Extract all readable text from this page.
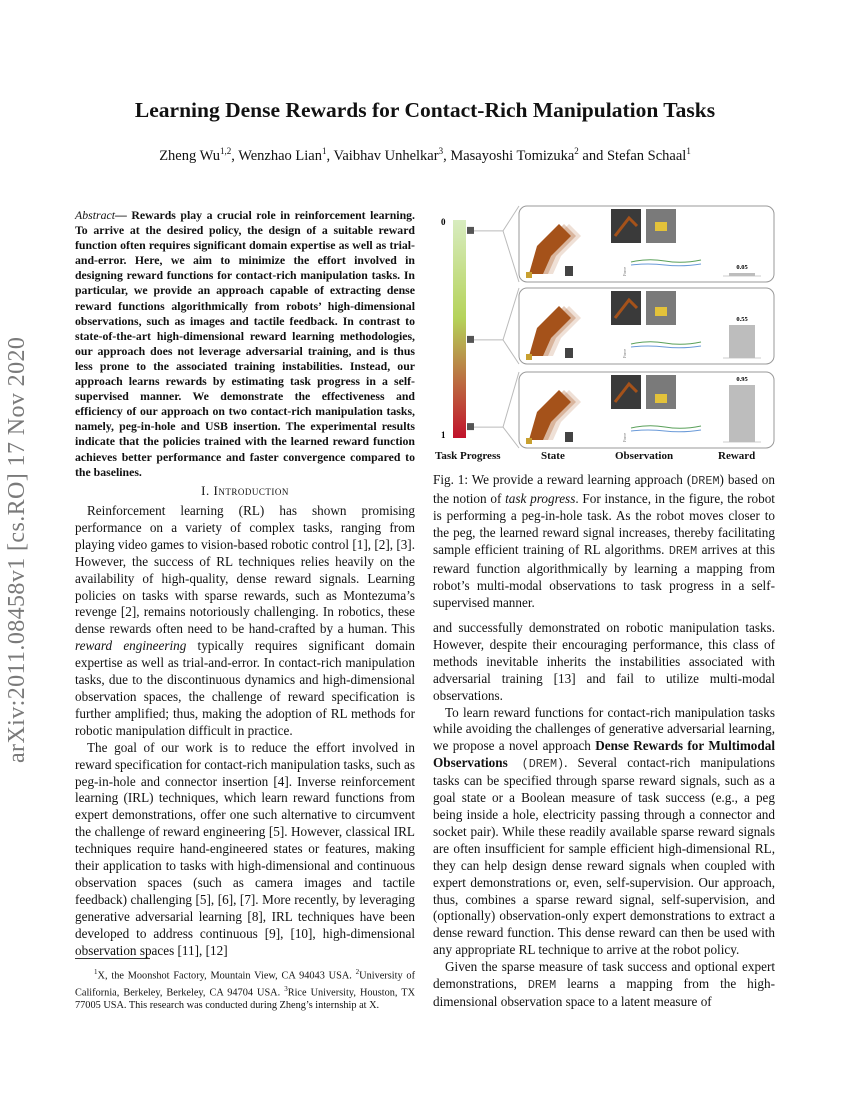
arXiv:2011.08458v1 [cs.RO] 17 Nov 2020
Learning Dense Rewards for Contact-Rich Manipulation Tasks
Zheng Wu$^{1,2}$, Wenzhao Lian$^1$, Vaibhav Unhelkar$^3$, Masayoshi Tomizuka$^2$ and Stefan Schaal$^1$
Abstract— Rewards play a crucial role in reinforcement learning. To arrive at the desired policy, the design of a suitable reward function often requires significant domain expertise as well as trial-and-error. Here, we aim to minimize the effort involved in designing reward functions for contact-rich manipulation tasks. In particular, we provide an approach capable of extracting dense reward functions algorithmically from robots’ high-dimensional observations, such as images and tactile feedback. In contrast to state-of-the-art high-dimensional reward learning methodologies, our approach does not leverage adversarial training, and is thus less prone to the associated training instabilities. Instead, our approach learns rewards by estimating task progress in a self-supervised manner. We demonstrate the effectiveness and efficiency of our approach on two contact-rich manipulation tasks, namely, peg-in-hole and USB insertion. The experimental results indicate that the policies trained with the learned reward function achieves better performance and faster convergence compared to the baselines.
I. Introduction

Reinforcement learning (RL) has shown promising performance on a variety of complex tasks, ranging from playing video games to vision-based robotic control [1], [2], [3]. However, the success of RL techniques relies heavily on the availability of high-quality, dense reward signals. Learning policies on tasks with sparse rewards, such as Montezuma’s revenge [2], remains notoriously challenging. In robotics, these dense rewards often need to be hand-crafted by a human. This reward engineering typically requires significant domain expertise as well as trial-and-error. In contact-rich manipulation tasks, due to the discontinuous dynamics and high-dimensional observation spaces, the challenge of reward specification is further amplified; thus, making the adoption of RL methods for robotic manipulation difficult in practice.

The goal of our work is to reduce the effort involved in reward specification for contact-rich manipulation tasks, such as peg-in-hole and connector insertion [4]. Inverse reinforcement learning (IRL) techniques, which learn reward functions from expert demonstrations, offer one such alternative to circumvent the challenge of reward engineering [5]. However, classical IRL techniques require hand-engineered states or features, making their application to tasks with high-dimensional and continuous observation spaces (such as camera images and tactile feedback) challenging [5], [6], [7]. More recently, by leveraging generative adversarial learning [8], IRL techniques have been developed to address continuous [9], [10], high-dimensional observation spaces [11], [12]

$^1$X, the Moonshot Factory, Mountain View, CA 94043 USA. $^2$University of California, Berkeley, Berkeley, CA 94704 USA. $^3$Rice University, Houston, TX 77005 USA. This research was conducted during Zheng’s internship at X.
0
1
Force	0.05
Force
0.55
Force
0.95
Task Progress	State	Observation	Reward
Fig. 1: We provide a reward learning approach (DREM) based on the notion of task progress. For instance, in the figure, the robot is performing a peg-in-hole task. As the robot moves closer to the peg, the learned reward signal increases, thereby facilitating sample efficient training of RL algorithms. DREM arrives at this reward function algorithmically by learning a mapping from robot’s multi-modal observations to task progress in a self-supervised manner.

and successfully demonstrated on robotic manipulation tasks. However, despite their encouraging performance, this class of methods inevitable inherits the instabilities associated with adversarial training [13] and fail to utilize multi-modal observations.

To learn reward functions for contact-rich manipulation tasks while avoiding the challenges of generative adversarial learning, we propose a novel approach Dense Rewards for Multimodal Observations (DREM). Several contact-rich manipulations tasks can be specified through sparse reward signals, such as a goal state or a Boolean measure of task success (e.g., a peg being inside a hole, electricity passing through a connector and socket pair). While these readily available sparse reward signals are often insufficient for sample efficient high-dimensional RL, they can help design dense reward signals when coupled with expert demonstrations or, even, self-supervision. Our approach, thus, combines a sparse reward signal, self-supervision, and (optionally) observation-only expert demonstrations to extract a dense reward function. This dense reward can then be used with any appropriate RL technique to arrive at the robot policy.

Given the sparse measure of task success and optional expert demonstrations, DREM learns a mapping from the high-dimensional observation space to a latent measure of
